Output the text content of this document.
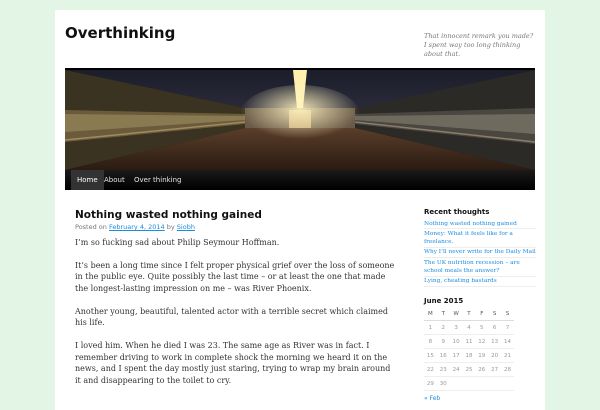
Overthinking	That innocent remark you made? I spent way too long thinking about that.
Home About	Over thinking
Nothing wasted nothing gained
Posted on February 4, 2014 by Siobh

I’m so fucking sad about Philip Seymour Hoffman.

It’s been a long time since I felt proper physical grief over the loss of someone in the public eye. Quite possibly the last time – or at least the one that made the longest-lasting impression on me – was River Phoenix.

Another young, beautiful, talented actor with a terrible secret which claimed his life.

I loved him. When he died I was 23. The same age as River was in fact. I remember driving to work in complete shock the morning we heard it on the news, and I spent the day mostly just staring, trying to wrap my brain around it and disappearing to the toilet to cry.

Recent thoughts
Nothing wasted nothing gained
Money: What it feels like for a freelance.
Why I’ll never write for the Daily Mail
The UK nutrition recession – are school meals the answer?
Lying, cheating bastards
June 2015
M	T	W	T	F	S	S
1	2	3	4	5	6	7
8	9	10	11	12	13	14
15	16	17	18	19	20	21
22	23	24	25	26	27	28
29	30					
« Feb
